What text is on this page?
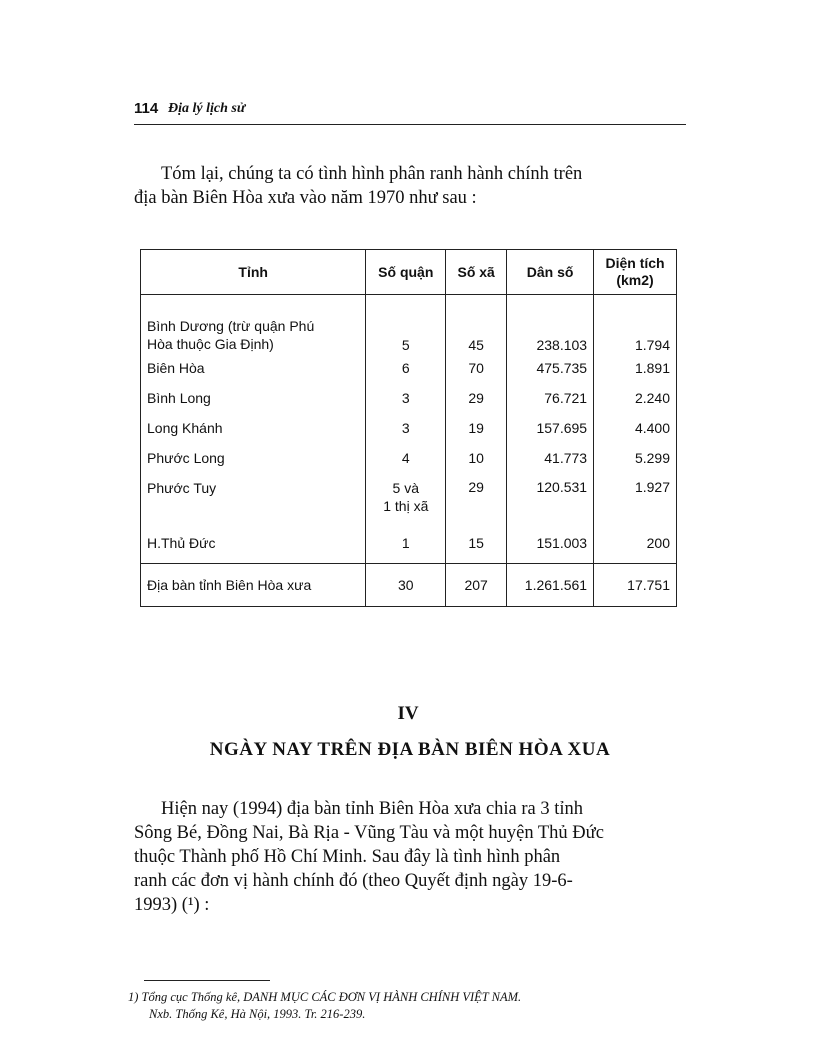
114 Địa lý lịch sử
Tóm lại, chúng ta có tình hình phân ranh hành chính trên
địa bàn Biên Hòa xưa vào năm 1970 như sau :
Tỉnh	Số quận	Số xã	Dân số	Diện tích (km2)

Bình Dương (trừ quận Phú
Hòa thuộc Gia Định)	5	45	238.103	1.794
Biên Hòa	6	70	475.735	1.891
Bình Long	3	29	76.721	2.240
Long Khánh	3	19	157.695	4.400
Phước Long	4	10	41.773	5.299
Phước Tuy	5 và
1 thị xã	29	120.531	1.927
H.Thủ Đức	1	15	151.003	200
Địa bàn tỉnh Biên Hòa xưa	30	207	1.261.561	17.751
IV
NGÀY NAY TRÊN ĐỊA BÀN BIÊN HÒA XUA
Hiện nay (1994) địa bàn tỉnh Biên Hòa xưa chia ra 3 tỉnh
Sông Bé, Đồng Nai, Bà Rịa - Vũng Tàu và một huyện Thủ Đức
thuộc Thành phố Hồ Chí Minh. Sau đây là tình hình phân
ranh các đơn vị hành chính đó (theo Quyết định ngày 19-6-
1993) (¹) :
1) Tổng cục Thống kê, DANH MỤC CÁC ĐƠN VỊ HÀNH CHÍNH VIỆT NAM.
Nxb. Thống Kê, Hà Nội, 1993. Tr. 216-239.
